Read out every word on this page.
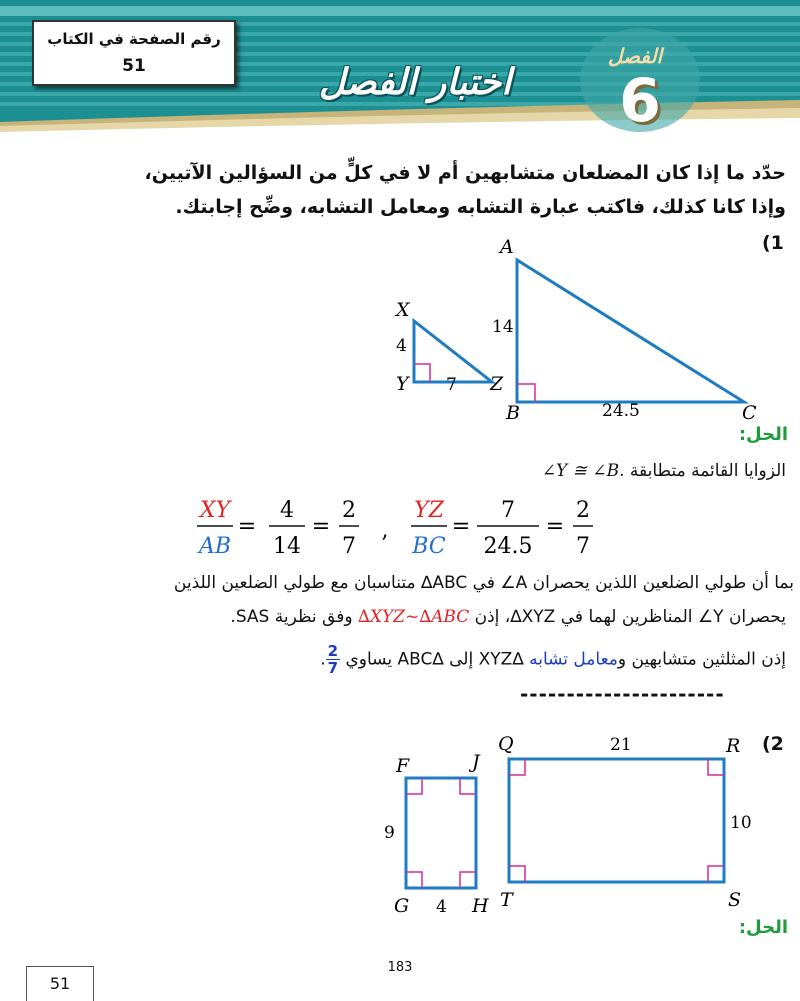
رقم الصفحة في الكتاب
51	اختبار الفصل
الفصل
6
حدّد ما إذا كان المضلعان متشابهين أم لا في كلٍّ من السؤالين الآتيين،
وإذا كانا كذلك، فاكتب عبارة التشابه ومعامل التشابه، وضِّح إجابتك.
(1
X
Y	Z
4
7
A
B	C
14
24.5
الحل:
الزوايا القائمة متطابقة ∠Y ≅ ∠B.
XY
AB
=
4
14
=
2
7
,
YZ
BC
=
7
24.5
=
2
7
بما أن طولي الضلعين اللذين يحصران A∠ في ABC∆ متناسبان مع طولي الضلعين اللذين
يحصران Y∠ المناظرين لهما في XYZ∆، إذن ∆XYZ~∆ABC وفق نظرية SAS.
إذن المثلثين متشابهين ومعامل تشابه ∆XYZ إلى ∆ABC يساوي
$\frac{2}{7}$
.
----------------------
(2
F	J
G	H
9
4
Q	R
S
T
21
10
الحل:
183
51
